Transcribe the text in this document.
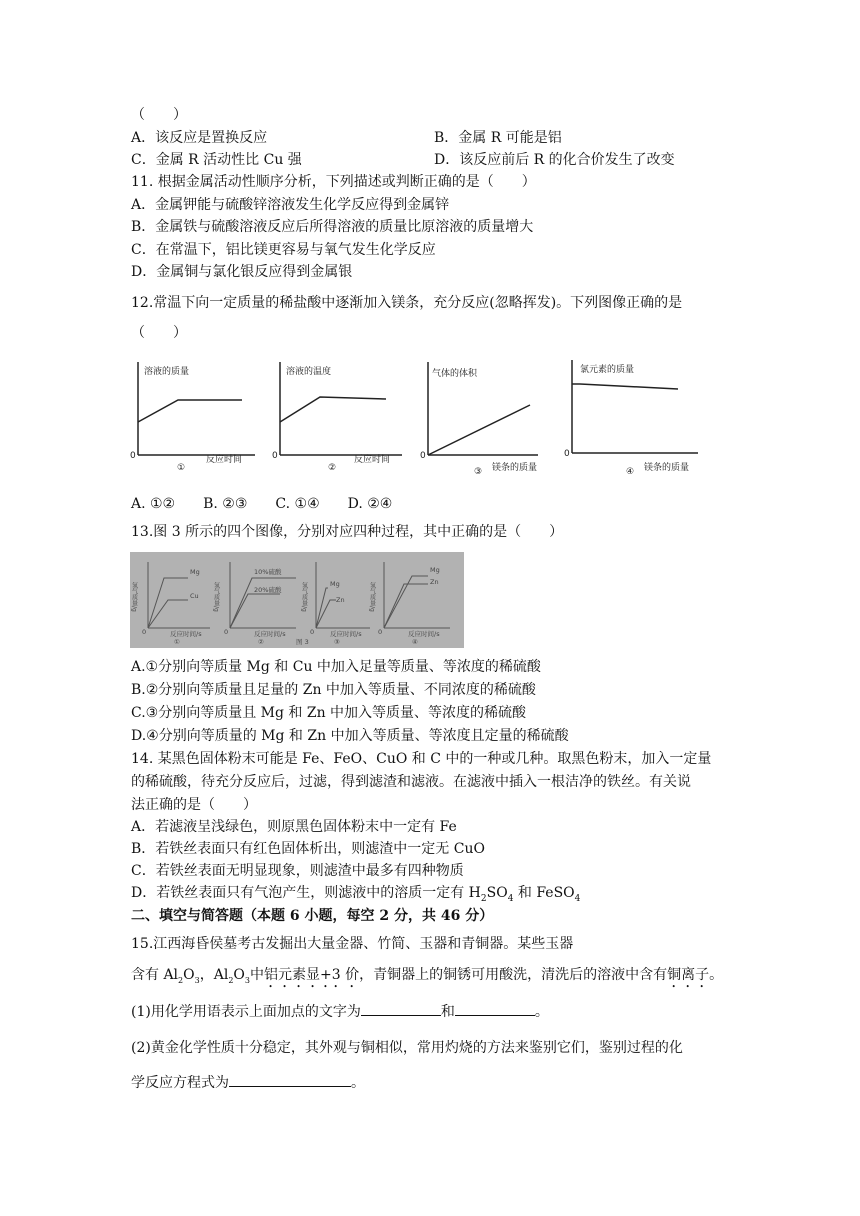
（　　）
A．该反应是置换反应	B．金属 R 可能是铝
C．金属 R 活动性比 Cu 强	D．该反应前后 R 的化合价发生了改变
11. 根据金属活动性顺序分析，下列描述或判断正确的是（　　）
A．金属钾能与硫酸锌溶液发生化学反应得到金属锌
B．金属铁与硫酸溶液反应后所得溶液的质量比原溶液的质量增大
C．在常温下，铝比镁更容易与氧气发生化学反应
D．金属铜与氯化银反应得到金属银
12.常温下向一定质量的稀盐酸中逐渐加入镁条，充分反应(忽略挥发)。下列图像正确的是
（　　）
溶液的质量
0
①
反应时间
溶液的温度
0
②
反应时间
气体的体积
0
③ 镁条的质量
氯元素的质量
0
④ 镁条的质量
A. ①②　　B. ②③　　C. ①④　　D. ②④
13.图 3 所示的四个图像，分别对应四种过程，其中正确的是（　　）
氢气质量/g
0
Mg
Cu
反应时间/s
①
氢气质量/g
0
10%硫酸
20%硫酸
反应时间/s
②	图 3
氢气质量/g
0
Mg
Zn
反应时间/s
③
氢气质量/g
0
Mg
Zn
反应时间/s
④
A.①分别向等质量 Mg 和 Cu 中加入足量等质量、等浓度的稀硫酸
B.②分别向等质量且足量的 Zn 中加入等质量、不同浓度的稀硫酸
C.③分别向等质量且 Mg 和 Zn 中加入等质量、等浓度的稀硫酸
D.④分别向等质量的 Mg 和 Zn 中加入等质量、等浓度且定量的稀硫酸
14. 某黑色固体粉末可能是 Fe、FeO、CuO 和 C 中的一种或几种。取黑色粉末，加入一定量
的稀硫酸，待充分反应后，过滤，得到滤渣和滤液。在滤液中插入一根洁净的铁丝。有关说
法正确的是（　　）
A．若滤液呈浅绿色，则原黑色固体粉末中一定有 Fe
B．若铁丝表面只有红色固体析出，则滤渣中一定无 CuO
C．若铁丝表面无明显现象，则滤渣中最多有四种物质
D．若铁丝表面只有气泡产生，则滤液中的溶质一定有 $H_2SO_4$ 和 FeSO$_4$
二、填空与简答题（本题 6 小题，每空 2 分，共 46 分）
15.江西海昏侯墓考古发掘出大量金器、竹简、玉器和青铜器。某些玉器
含有 $Al_2O_3$，$Al_2O_3$中铝元素显+3 价，青铜器上的铜锈可用酸洗，清洗后的溶液中含有铜离子。
(1)用化学用语表示上面加点的文字为	和	。
(2)黄金化学性质十分稳定，其外观与铜相似，常用灼烧的方法来鉴别它们，鉴别过程的化
学反应方程式为	。
